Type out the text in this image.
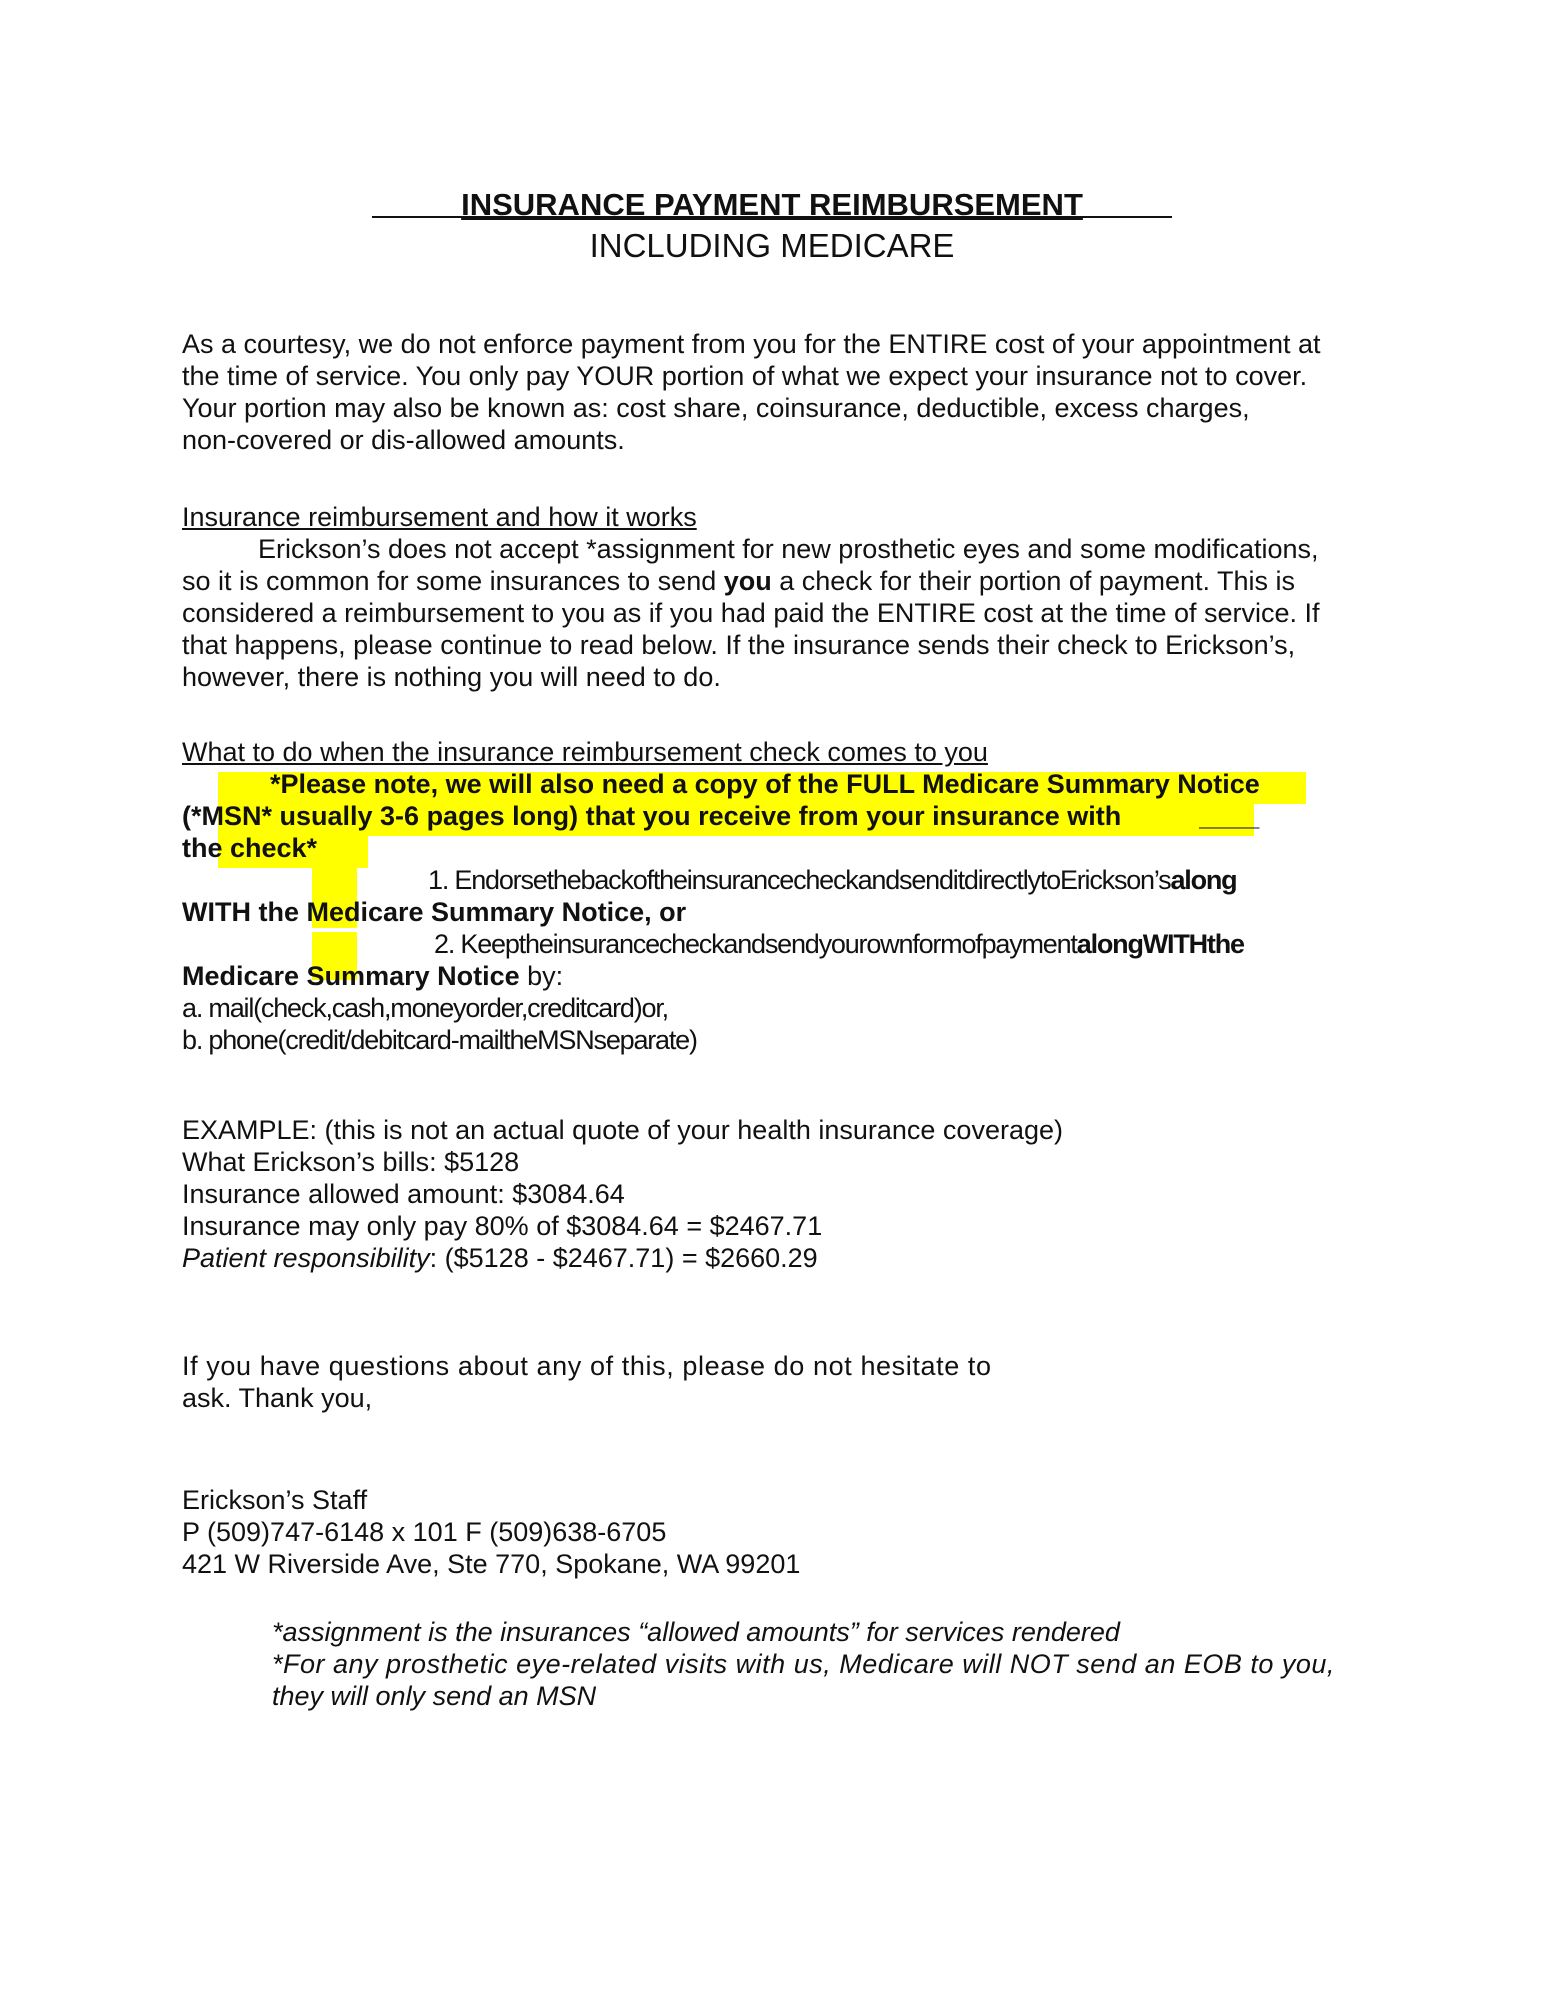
INSURANCE PAYMENT REIMBURSEMENT
INCLUDING MEDICARE
As a courtesy, we do not enforce payment from you for the ENTIRE cost of your appointment at
the time of service. You only pay YOUR portion of what we expect your insurance not to cover.
Your portion may also be known as: cost share, coinsurance, deductible, excess charges,
non-covered or dis-allowed amounts.
Insurance reimbursement and how it works
Erickson’s does not accept *assignment for new prosthetic eyes and some modifications,
so it is common for some insurances to send you a check for their portion of payment. This is
considered a reimbursement to you as if you had paid the ENTIRE cost at the time of service. If
that happens, please continue to read below. If the insurance sends their check to Erickson’s,
however, there is nothing you will need to do.
What to do when the insurance reimbursement check comes to you
*Please note, we will also need a copy of the FULL Medicare Summary Notice
(*MSN* usually 3-6 pages long) that you receive from your insurance with	____
the check*
1. EndorsethebackoftheinsurancecheckandsenditdirectlytoErickson’salong
WITH the Medicare Summary Notice, or
2. KeeptheinsurancecheckandsendyourownformofpaymentalongWITHthe
Medicare Summary Notice by:
a. mail(check,cash,moneyorder,creditcard)or,
b. phone(credit/debitcard-mailtheMSNseparate)
EXAMPLE: (this is not an actual quote of your health insurance coverage)
What Erickson’s bills: $5128
Insurance allowed amount: $3084.64
Insurance may only pay 80% of $3084.64 = $2467.71
Patient responsibility: ($5128 - $2467.71) = $2660.29
If you have questions about any of this, please do not hesitate to
ask. Thank you,
Erickson’s Staff
P (509)747-6148 x 101 F (509)638-6705
421 W Riverside Ave, Ste 770, Spokane, WA 99201
*assignment is the insurances “allowed amounts” for services rendered
*For any prosthetic eye-related visits with us, Medicare will NOT send an EOB to you,
they will only send an MSN
